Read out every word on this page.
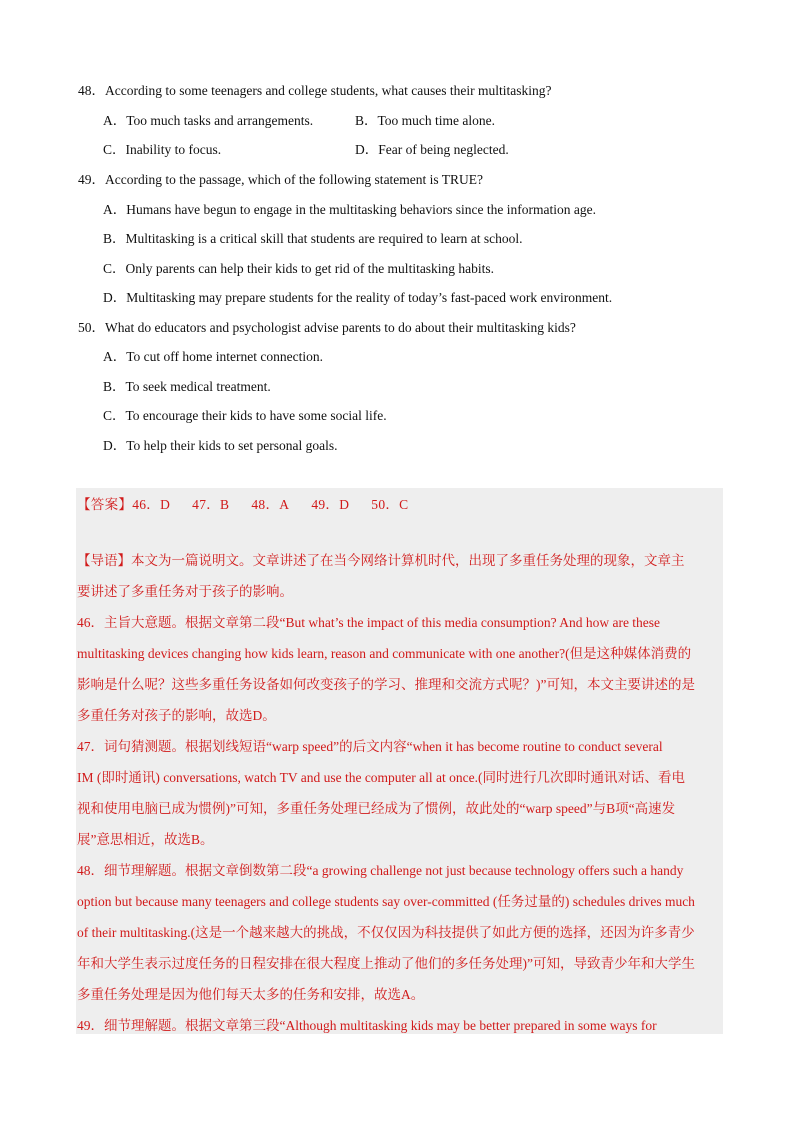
48．According to some teenagers and college students, what causes their multitasking?
A．Too much tasks and arrangements.	B．Too much time alone.
C．Inability to focus.	D．Fear of being neglected.
49．According to the passage, which of the following statement is TRUE?
A．Humans have begun to engage in the multitasking behaviors since the information age.
B．Multitasking is a critical skill that students are required to learn at school.
C．Only parents can help their kids to get rid of the multitasking habits.
D．Multitasking may prepare students for the reality of today’s fast-paced work environment.
50．What do educators and psychologist advise parents to do about their multitasking kids?
A．To cut off home internet connection.
B．To seek medical treatment.
C．To encourage their kids to have some social life.
D．To help their kids to set personal goals.
【答案】46．D 47．B 48．A 49．D 50．C
【导语】本文为一篇说明文。文章讲述了在当今网络计算机时代，出现了多重任务处理的现象，文章主
要讲述了多重任务对于孩子的影响。
46．主旨大意题。根据文章第二段“But what’s the impact of this media consumption? And how are these
multitasking devices changing how kids learn, reason and communicate with one another?(但是这种媒体消费的
影响是什么呢？这些多重任务设备如何改变孩子的学习、推理和交流方式呢？)”可知，本文主要讲述的是
多重任务对孩子的影响，故选D。
47．词句猜测题。根据划线短语“warp speed”的后文内容“when it has become routine to conduct several
IM (即时通讯) conversations, watch TV and use the computer all at once.(同时进行几次即时通讯对话、看电
视和使用电脑已成为惯例)”可知，多重任务处理已经成为了惯例，故此处的“warp speed”与B项“高速发
展”意思相近，故选B。
48．细节理解题。根据文章倒数第二段“a growing challenge not just because technology offers such a handy
option but because many teenagers and college students say over-committed (任务过量的) schedules drives much
of their multitasking.(这是一个越来越大的挑战，不仅仅因为科技提供了如此方便的选择，还因为许多青少
年和大学生表示过度任务的日程安排在很大程度上推动了他们的多任务处理)”可知，导致青少年和大学生
多重任务处理是因为他们每天太多的任务和安排，故选A。
49．细节理解题。根据文章第三段“Although multitasking kids may be better prepared in some ways for
